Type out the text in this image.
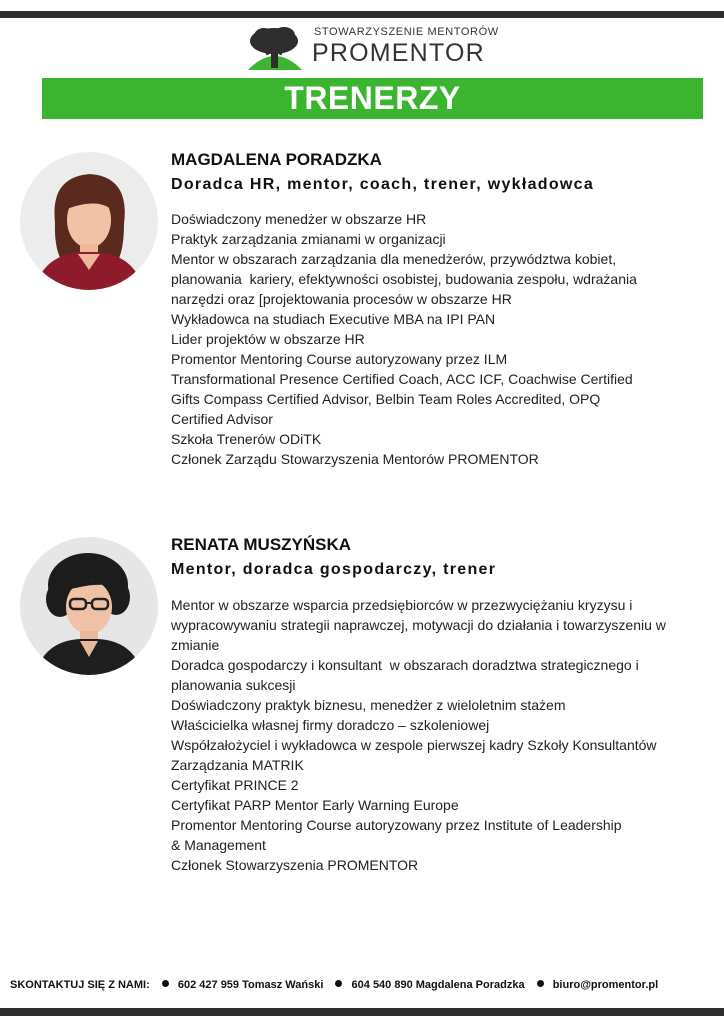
STOWARZYSZENIE MENTORÓW
PROMENTOR
TRENERZY
MAGDALENA PORADZKA
Doradca HR, mentor, coach, trener, wykładowca
Doświadczony menedżer w obszarze HR
Praktyk zarządzania zmianami w organizacji
Mentor w obszarach zarządzania dla menedżerów, przywództwa kobiet,
planowania  kariery, efektywności osobistej, budowania zespołu, wdrażania
narzędzi oraz [projektowania procesów w obszarze HR
Wykładowca na studiach Executive MBA na IPI PAN
Lider projektów w obszarze HR
Promentor Mentoring Course autoryzowany przez ILM
Transformational Presence Certified Coach, ACC ICF, Coachwise Certified
Gifts Compass Certified Advisor, Belbin Team Roles Accredited, OPQ
Certified Advisor
Szkoła Trenerów ODiTK
Członek Zarządu Stowarzyszenia Mentorów PROMENTOR
RENATA MUSZYŃSKA
Mentor, doradca gospodarczy, trener
Mentor w obszarze wsparcia przedsiębiorców w przezwyciężaniu kryzysu i
wypracowywaniu strategii naprawczej, motywacji do działania i towarzyszeniu w
zmianie
Doradca gospodarczy i konsultant  w obszarach doradztwa strategicznego i
planowania sukcesji
Doświadczony praktyk biznesu, menedżer z wieloletnim stażem
Właścicielka własnej firmy doradczo – szkoleniowej
Współzałożyciel i wykładowca w zespole pierwszej kadry Szkoły Konsultantów
Zarządzania MATRIK
Certyfikat PRINCE 2
Certyfikat PARP Mentor Early Warning Europe
Promentor Mentoring Course autoryzowany przez Institute of Leadership
& Management
Członek Stowarzyszenia PROMENTOR
SKONTAKTUJ SIĘ Z NAMI:	602 427 959 Tomasz Wański	604 540 890 Magdalena Poradzka	biuro@promentor.pl
